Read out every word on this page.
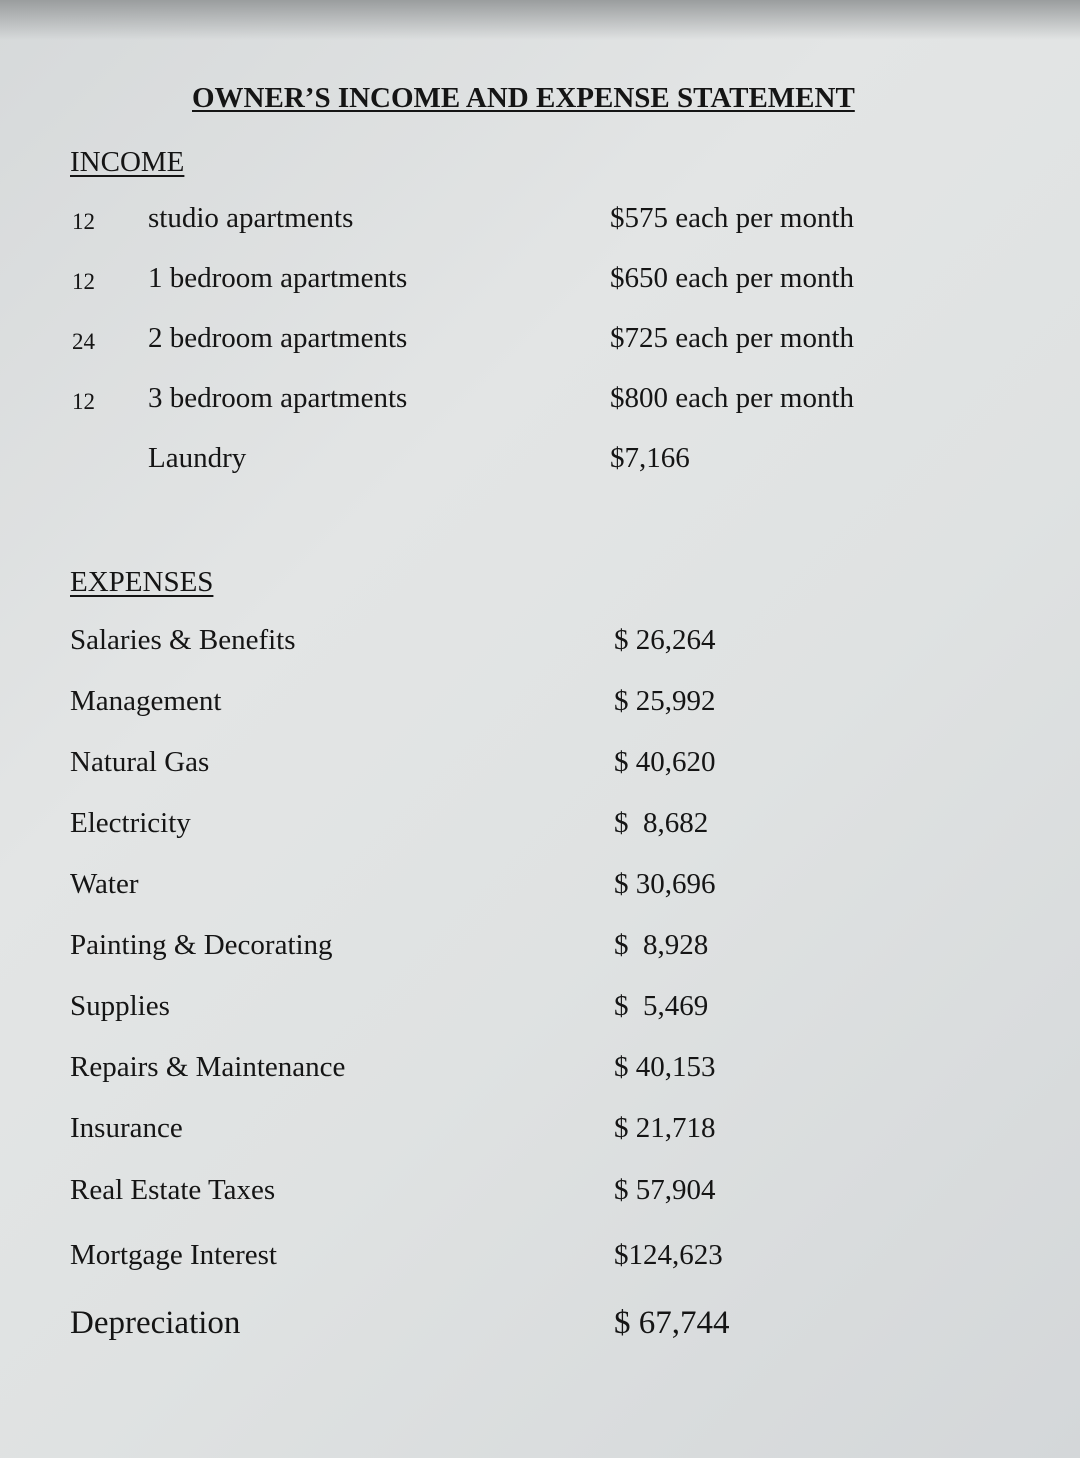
OWNER’S INCOME AND EXPENSE STATEMENT
INCOME
12 studio apartments	$575 each per month
12 1 bedroom apartments	$650 each per month
24 2 bedroom apartments	$725 each per month
12 3 bedroom apartments	$800 each per month
Laundry	$7,166
EXPENSES
Salaries & Benefits	$ 26,264
Management	$ 25,992
Natural Gas	$ 40,620
Electricity	$  8,682
Water	$ 30,696
Painting & Decorating	$  8,928
Supplies	$  5,469
Repairs & Maintenance	$ 40,153
Insurance	$ 21,718
Real Estate Taxes	$ 57,904
Mortgage Interest	$124,623
Depreciation	$ 67,744
